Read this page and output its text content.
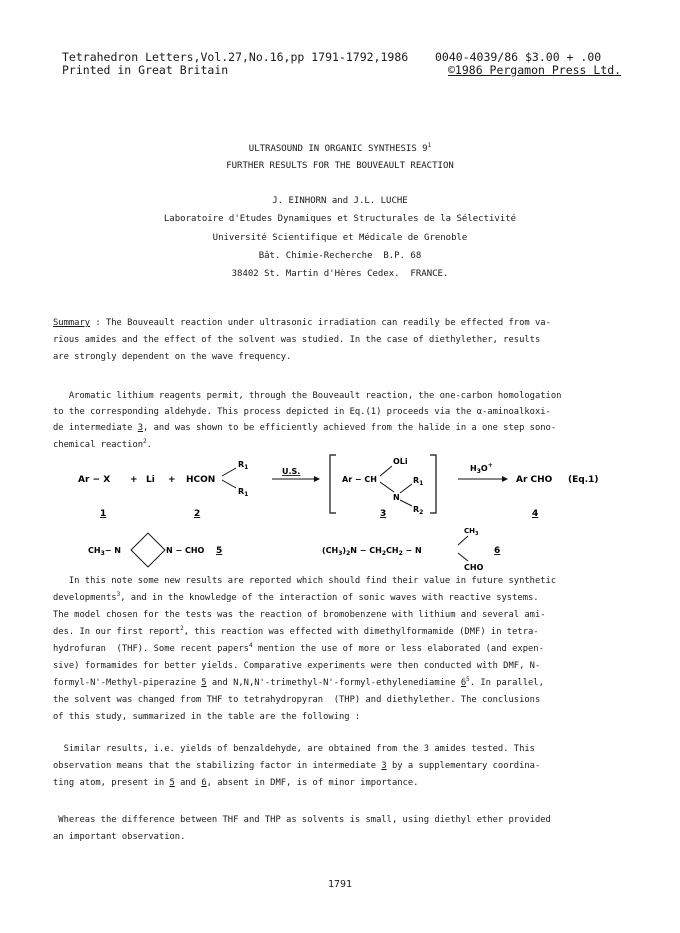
Tetrahedron Letters,Vol.27,No.16,pp 1791-1792,1986
Printed in Great Britain
0040-4039/86 $3.00 + .00
©1986 Pergamon Press Ltd.
ULTRASOUND IN ORGANIC SYNTHESIS $9^1$
FURTHER RESULTS FOR THE BOUVEAULT REACTION
J. EINHORN and J.L. LUCHE
Laboratoire d'Etudes Dynamiques et Structurales de la Sélectivité
Université Scientifique et Médicale de Grenoble
Bât. Chimie-Recherche  B.P. 68
38402 St. Martin d'Hères Cedex.  FRANCE.
Summary : The Bouveault reaction under ultrasonic irradiation can readily be effected from va-
rious amides and the effect of the solvent was studied. In the case of diethylether, results
are strongly dependent on the wave frequency.
Aromatic lithium reagents permit, through the Bouveault reaction, the one-carbon homologation
to the corresponding aldehyde. This process depicted in Eq.(1) proceeds via the α-aminoalkoxi-
de intermediate 3, and was shown to be efficiently achieved from the halide in a one step sono-
chemical reaction$^2$.
Ar − X + Li + HCON
$R_1$
$R_1$
U.S.
OLi
Ar − CH
N
$R_1$
$R_2$
$H_3O^+$
Ar CHO (Eq.1)
1	2	3	4
$CH_3- N$	N − CHO 5	$(CH_3)_2N - CH_2CH_2 - N$
$CH_3$
CHO
6
In this note some new results are reported which should find their value in future synthetic
developments$^3$, and in the knowledge of the interaction of sonic waves with reactive systems.
The model chosen for the tests was the reaction of bromobenzene with lithium and several ami-
des. In our first report$^2$, this reaction was effected with dimethylformamide (DMF) in tetra-
hydrofuran  (THF). Some recent papers$^4$ mention the use of more or less elaborated (and expen-
sive) formamides for better yields. Comparative experiments were then conducted with DMF, N-
formyl-N'-Methyl-piperazine 5 and N,N,N'-trimethyl-N'-formyl-ethylenediamine $6^5$. In parallel,
the solvent was changed from THF to tetrahydropyran  (THP) and diethylether. The conclusions
of this study, summarized in the table are the following :
Similar results, i.e. yields of benzaldehyde, are obtained from the 3 amides tested. This
observation means that the stabilizing factor in intermediate 3 by a supplementary coordina-
ting atom, present in 5 and 6, absent in DMF, is of minor importance.
Whereas the difference between THF and THP as solvents is small, using diethyl ether provided
an important observation.
1791
